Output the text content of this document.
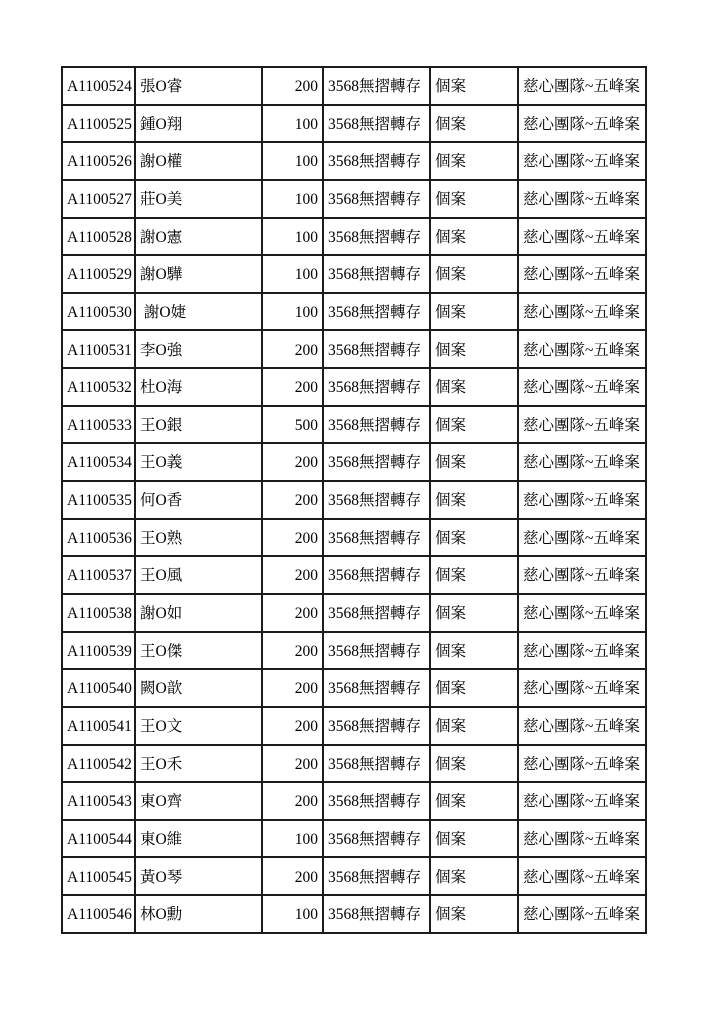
A1100524	張O睿	200	3568無摺轉存	個案	慈心團隊~五峰案
A1100525	鍾O翔	100	3568無摺轉存	個案	慈心團隊~五峰案
A1100526	謝O權	100	3568無摺轉存	個案	慈心團隊~五峰案
A1100527	莊O美	100	3568無摺轉存	個案	慈心團隊~五峰案
A1100528	謝O憲	100	3568無摺轉存	個案	慈心團隊~五峰案
A1100529	謝O驊	100	3568無摺轉存	個案	慈心團隊~五峰案
A1100530	謝O婕	100	3568無摺轉存	個案	慈心團隊~五峰案
A1100531	李O強	200	3568無摺轉存	個案	慈心團隊~五峰案
A1100532	杜O海	200	3568無摺轉存	個案	慈心團隊~五峰案
A1100533	王O銀	500	3568無摺轉存	個案	慈心團隊~五峰案
A1100534	王O義	200	3568無摺轉存	個案	慈心團隊~五峰案
A1100535	何O香	200	3568無摺轉存	個案	慈心團隊~五峰案
A1100536	王O熟	200	3568無摺轉存	個案	慈心團隊~五峰案
A1100537	王O風	200	3568無摺轉存	個案	慈心團隊~五峰案
A1100538	謝O如	200	3568無摺轉存	個案	慈心團隊~五峰案
A1100539	王O傑	200	3568無摺轉存	個案	慈心團隊~五峰案
A1100540	闕O歆	200	3568無摺轉存	個案	慈心團隊~五峰案
A1100541	王O文	200	3568無摺轉存	個案	慈心團隊~五峰案
A1100542	王O禾	200	3568無摺轉存	個案	慈心團隊~五峰案
A1100543	東O齊	200	3568無摺轉存	個案	慈心團隊~五峰案
A1100544	東O維	100	3568無摺轉存	個案	慈心團隊~五峰案
A1100545	黃O琴	200	3568無摺轉存	個案	慈心團隊~五峰案
A1100546	林O勳	100	3568無摺轉存	個案	慈心團隊~五峰案
